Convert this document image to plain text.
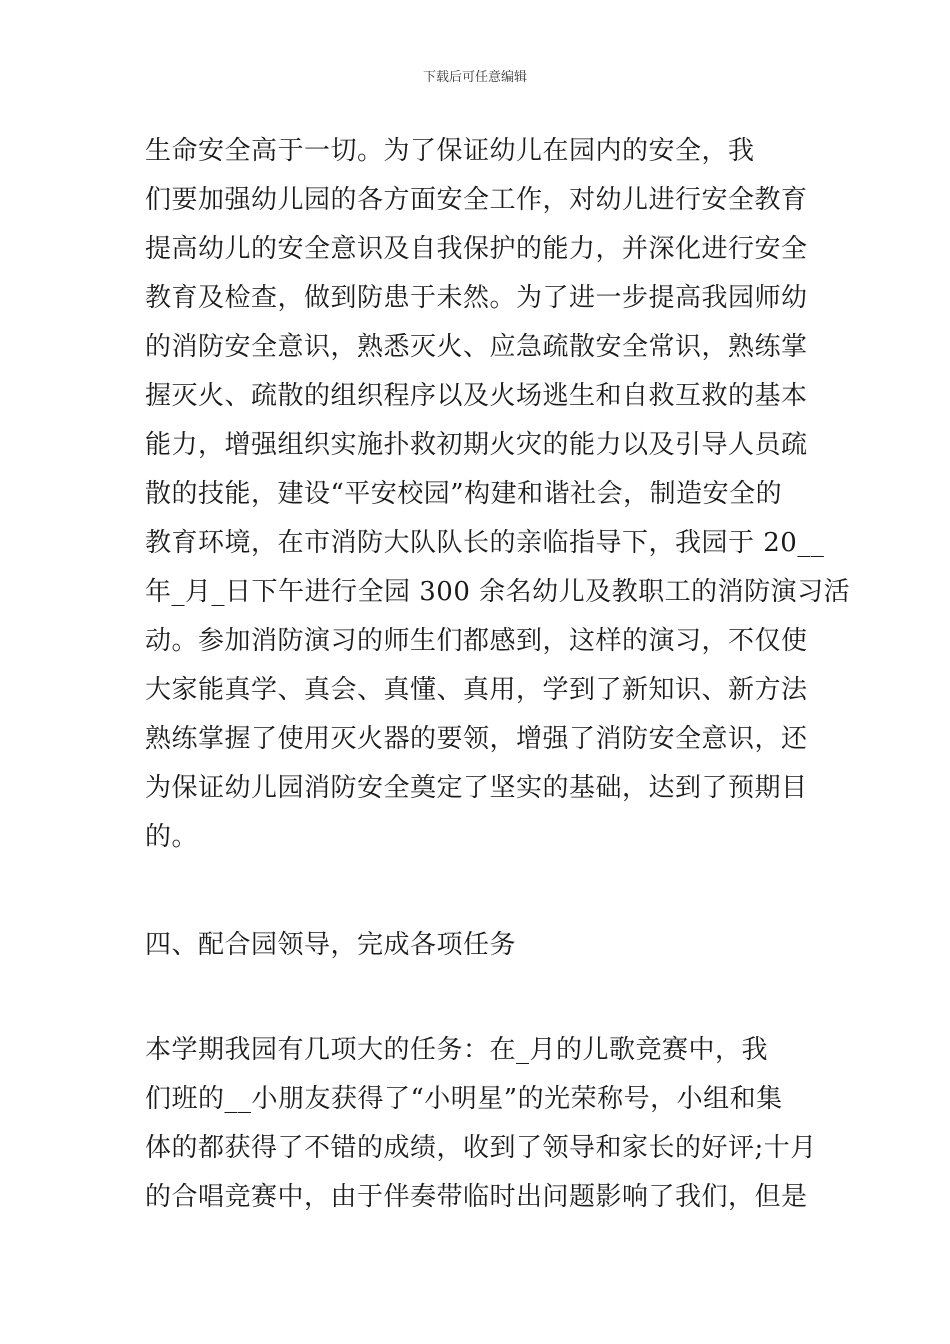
下载后可任意编辑
生命安全高于一切。为了保证幼儿在园内的安全，我
们要加强幼儿园的各方面安全工作，对幼儿进行安全教育
提高幼儿的安全意识及自我保护的能力，并深化进行安全
教育及检查，做到防患于未然。为了进一步提高我园师幼
的消防安全意识，熟悉灭火、应急疏散安全常识，熟练掌
握灭火、疏散的组织程序以及火场逃生和自救互救的基本
能力，增强组织实施扑救初期火灾的能力以及引导人员疏
散的技能，建设“平安校园”构建和谐社会，制造安全的
教育环境，在市消防大队队长的亲临指导下，我园于 20__
年_月_日下午进行全园 300 余名幼儿及教职工的消防演习活
动。参加消防演习的师生们都感到，这样的演习，不仅使
大家能真学、真会、真懂、真用，学到了新知识、新方法
熟练掌握了使用灭火器的要领，增强了消防安全意识，还
为保证幼儿园消防安全奠定了坚实的基础，达到了预期目
的。
四、配合园领导，完成各项任务
本学期我园有几项大的任务：在_月的儿歌竞赛中，我
们班的__小朋友获得了“小明星”的光荣称号，小组和集
体的都获得了不错的成绩，收到了领导和家长的好评;十月
的合唱竞赛中，由于伴奏带临时出问题影响了我们，但是
